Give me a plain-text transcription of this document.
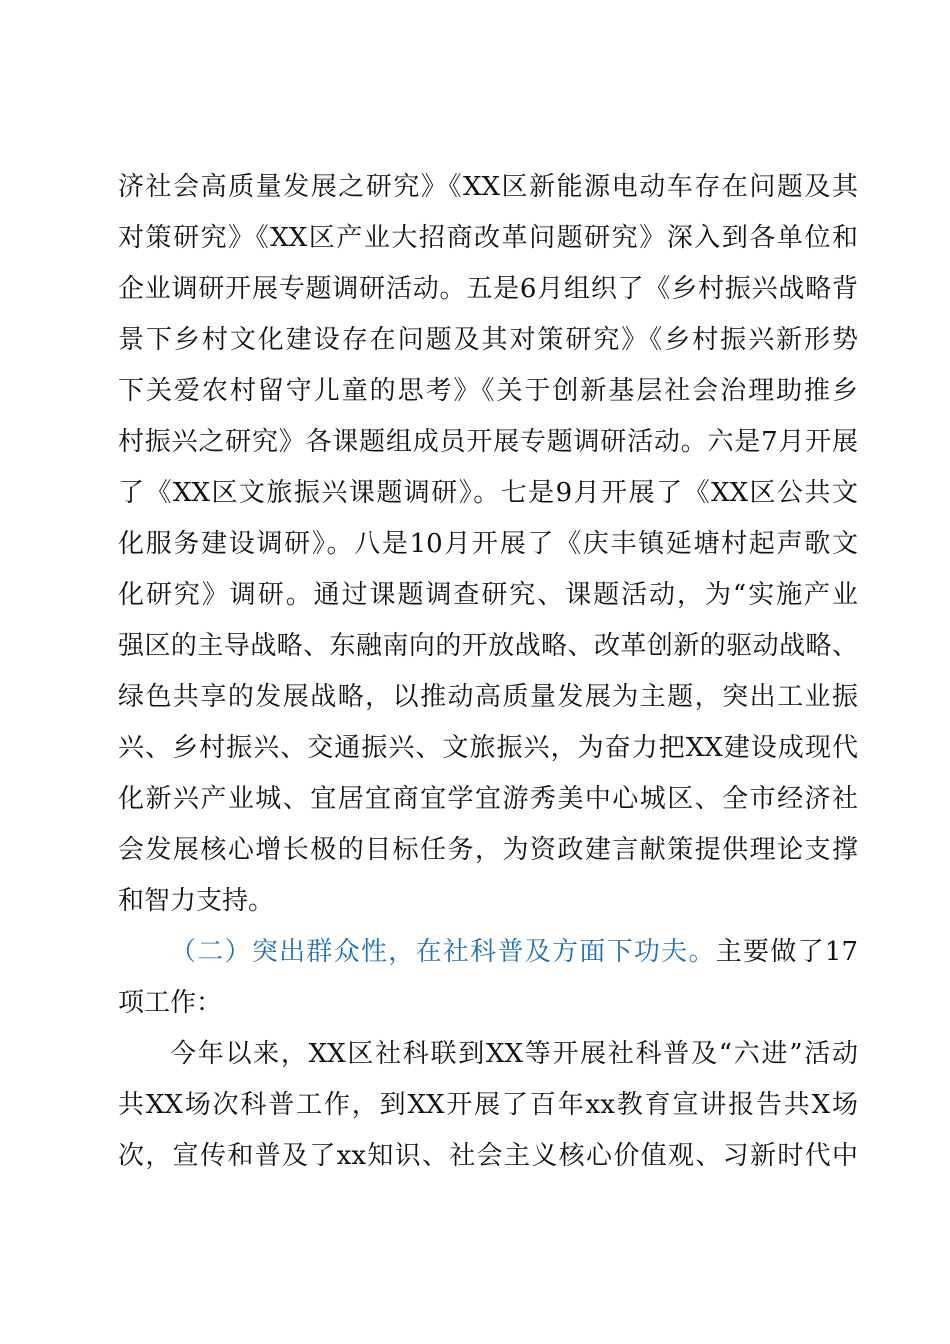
济社会高质量发展之研究》《XX区新能源电动车存在问题及其
对策研究》《XX区产业大招商改革问题研究》深入到各单位和
企业调研开展专题调研活动。五是6月组织了《乡村振兴战略背
景下乡村文化建设存在问题及其对策研究》《乡村振兴新形势
下关爱农村留守儿童的思考》《关于创新基层社会治理助推乡
村振兴之研究》各课题组成员开展专题调研活动。六是7月开展
了《XX区文旅振兴课题调研》。七是9月开展了《XX区公共文
化服务建设调研》。八是10月开展了《庆丰镇延塘村起声歌文
化研究》调研。通过课题调查研究、课题活动，为“实施产业
强区的主导战略、东融南向的开放战略、改革创新的驱动战略、
绿色共享的发展战略，以推动高质量发展为主题，突出工业振
兴、乡村振兴、交通振兴、文旅振兴，为奋力把XX建设成现代
化新兴产业城、宜居宜商宜学宜游秀美中心城区、全市经济社
会发展核心增长极的目标任务，为资政建言献策提供理论支撑
和智力支持。
（二）突出群众性，在社科普及方面下功夫。主要做了17
项工作：
今年以来，XX区社科联到XX等开展社科普及“六进”活动
共XX场次科普工作，到XX开展了百年xx教育宣讲报告共X场
次，宣传和普及了xx知识、社会主义核心价值观、习新时代中
